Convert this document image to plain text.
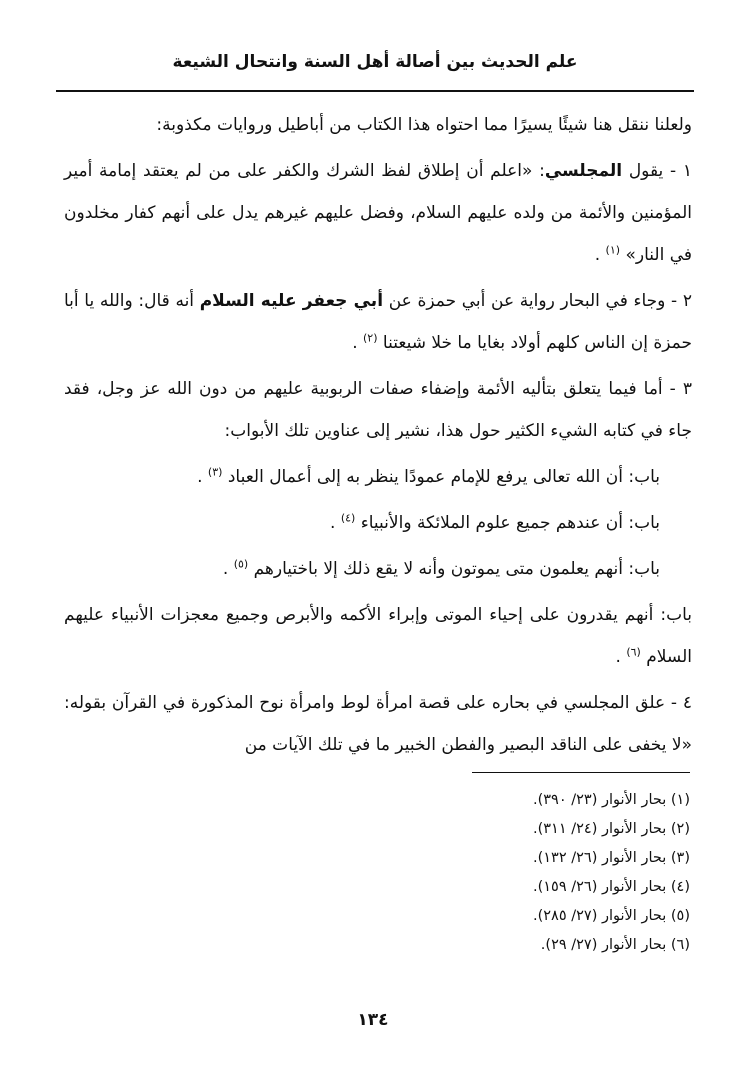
علم الحديث بين أصالة أهل السنة وانتحال الشيعة

ولعلنا ننقل هنا شيئًا يسيرًا مما احتواه هذا الكتاب من أباطيل وروايات مكذوبة:

١ - يقول المجلسي: «اعلم أن إطلاق لفظ الشرك والكفر على من لم يعتقد إمامة أمير المؤمنين والأئمة من ولده عليهم السلام، وفضل عليهم غيرهم يدل على أنهم كفار مخلدون في النار» $^{(١)}$ .

٢ - وجاء في البحار رواية عن أبي حمزة عن أبي جعفر عليه السلام أنه قال: والله يا أبا حمزة إن الناس كلهم أولاد بغايا ما خلا شيعتنا $^{(٢)}$ .

٣ - أما فيما يتعلق بتأليه الأئمة وإضفاء صفات الربوبية عليهم من دون الله عز وجل، فقد جاء في كتابه الشيء الكثير حول هذا، نشير إلى عناوين تلك الأبواب:

باب: أن الله تعالى يرفع للإمام عمودًا ينظر به إلى أعمال العباد $^{(٣)}$ .

باب: أن عندهم جميع علوم الملائكة والأنبياء $^{(٤)}$ .

باب: أنهم يعلمون متى يموتون وأنه لا يقع ذلك إلا باختيارهم $^{(٥)}$ .

باب: أنهم يقدرون على إحياء الموتى وإبراء الأكمه والأبرص وجميع معجزات الأنبياء عليهم السلام $^{(٦)}$ .

٤ - علق المجلسي في بحاره على قصة امرأة لوط وامرأة نوح المذكورة في القرآن بقوله: «لا يخفى على الناقد البصير والفطن الخبير ما في تلك الآيات من

(١) بحار الأنوار (٢٣/ ٣٩٠).
(٢) بحار الأنوار (٢٤/ ٣١١).
(٣) بحار الأنوار (٢٦/ ١٣٢).
(٤) بحار الأنوار (٢٦/ ١٥٩).
(٥) بحار الأنوار (٢٧/ ٢٨٥).
(٦) بحار الأنوار (٢٧/ ٢٩).
١٣٤
